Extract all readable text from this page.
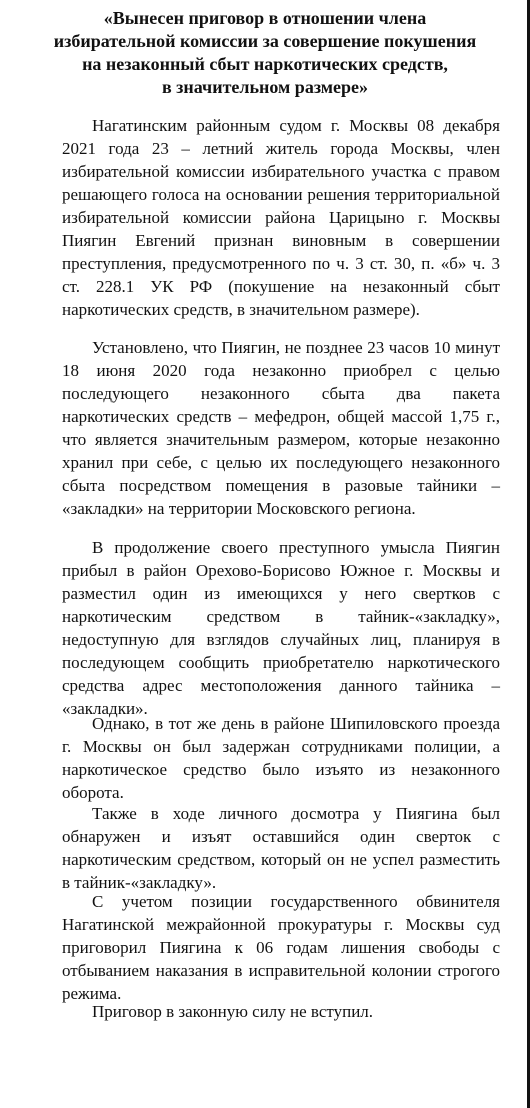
«Вынесен приговор в отношении члена
избирательной комиссии за совершение покушения
на незаконный сбыт наркотических средств,
в значительном размере»

Нагатинским районным судом г. Москвы 08 декабря 2021 года 23 – летний житель города Москвы, член избирательной комиссии избирательного участка с правом решающего голоса на основании решения территориальной избирательной комиссии района Царицыно г. Москвы Пиягин Евгений признан виновным в совершении преступления, предусмотренного по ч. 3 ст. 30, п. «б» ч. 3 ст. 228.1 УК РФ (покушение на незаконный сбыт наркотических средств, в значительном размере).

Установлено, что Пиягин, не позднее 23 часов 10 минут 18 июня 2020 года незаконно приобрел с целью последующего незаконного сбыта два пакета наркотических средств – мефедрон, общей массой 1,75 г., что является значительным размером, которые незаконно хранил при себе, с целью их последующего незаконного сбыта посредством помещения в разовые тайники – «закладки» на территории Московского региона.

В продолжение своего преступного умысла Пиягин прибыл в район Орехово-Борисово Южное г. Москвы и разместил один из имеющихся у него свертков с наркотическим средством в тайник-«закладку», недоступную для взглядов случайных лиц, планируя в последующем сообщить приобретателю наркотического средства адрес местоположения данного тайника – «закладки».

Однако, в тот же день в районе Шипиловского проезда г. Москвы он был задержан сотрудниками полиции, а наркотическое средство было изъято из незаконного оборота.

Также в ходе личного досмотра у Пиягина был обнаружен и изъят оставшийся один сверток с наркотическим средством, который он не успел разместить в тайник-«закладку».

С учетом позиции государственного обвинителя Нагатинской межрайонной прокуратуры г. Москвы суд приговорил Пиягина к 06 годам лишения свободы с отбыванием наказания в исправительной колонии строгого режима.

Приговор в законную силу не вступил.
